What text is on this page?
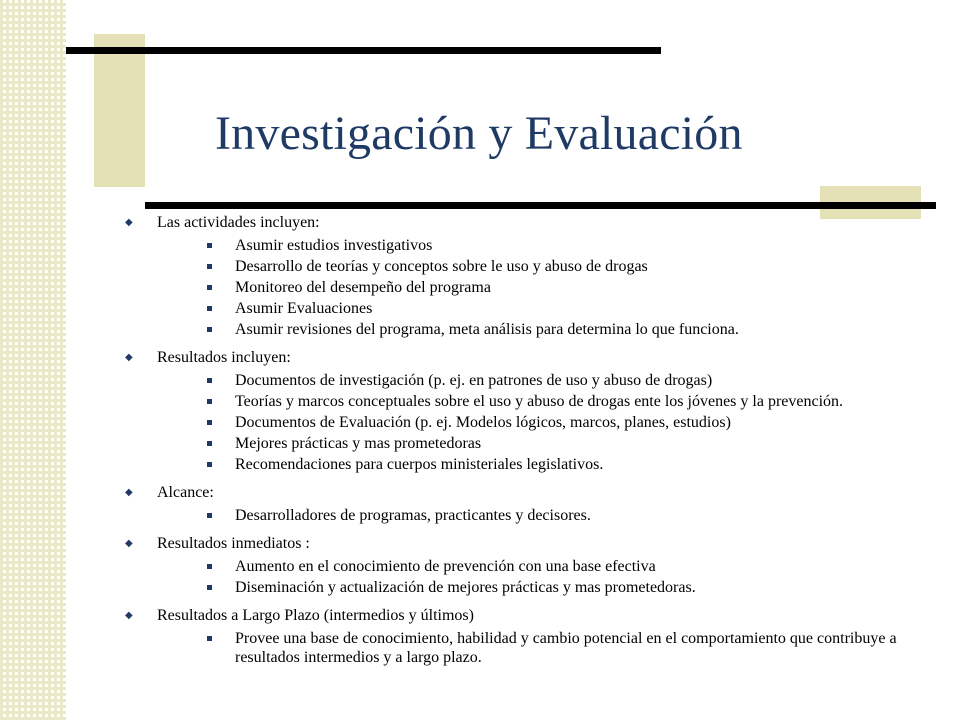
Investigación y Evaluación
◆ Las actividades incluyen:
Asumir estudios investigativos
Desarrollo de teorías y conceptos sobre le uso y abuso de drogas
Monitoreo del desempeño del programa
Asumir Evaluaciones
Asumir revisiones del programa, meta análisis para determina lo que funciona.
◆ Resultados incluyen:
Documentos de investigación (p. ej. en patrones de uso y abuso de drogas)
Teorías y marcos conceptuales sobre el uso y abuso de drogas ente los jóvenes y la prevención.
Documentos de Evaluación (p. ej. Modelos lógicos, marcos, planes, estudios)
Mejores prácticas y mas prometedoras
Recomendaciones para cuerpos ministeriales legislativos.
◆ Alcance:
Desarrolladores de programas, practicantes y decisores.
◆ Resultados inmediatos :
Aumento en el conocimiento de prevención con una base efectiva
Diseminación y actualización de mejores prácticas y mas prometedoras.
◆ Resultados a Largo Plazo (intermedios y últimos)
Provee una base de conocimiento, habilidad y cambio potencial en el comportamiento que contribuye a resultados intermedios y a largo plazo.
